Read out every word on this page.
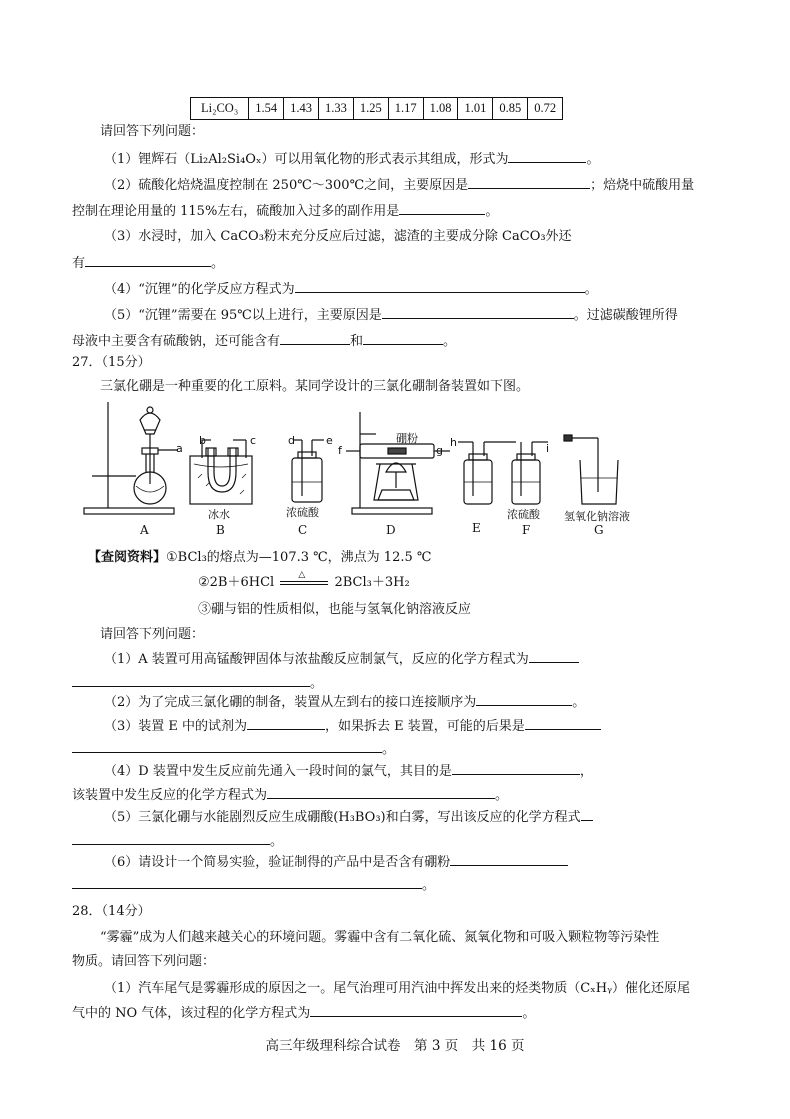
Li₂CO₃	1.54	1.43	1.33	1.25	1.17	1.08	1.01	0.85	0.72
请回答下列问题：
（1）锂辉石（Li₂Al₂Si₄Oₓ）可以用氧化物的形式表示其组成，形式为	。
（2）硫酸化焙烧温度控制在 250℃～300℃之间，主要原因是	；焙烧中硫酸用量
控制在理论用量的 115%左右，硫酸加入过多的副作用是	。
（3）水浸时，加入 CaCO₃粉末充分反应后过滤，滤渣的主要成分除 CaCO₃外还
有	。
（4）“沉锂”的化学反应方程式为	。
（5）“沉锂”需要在 95℃以上进行，主要原因是	。过滤碳酸锂所得
母液中主要含有硫酸钠，还可能含有	和	。
27．（15分）
三氯化硼是一种重要的化工原料。某同学设计的三氯化硼制备装置如下图。
a
b	c	d	e
f	g
h	i
硼粉
冰水	浓硫酸	浓硫酸 氢氧化钠溶液
A	B	C	D	E	F	G
【查阅资料】①BCl₃的熔点为—107.3 ℃，沸点为 12.5 ℃
②2B＋6HCl
△
2BCl₃＋3H₂
③硼与铝的性质相似，也能与氢氧化钠溶液反应
请回答下列问题：
（1）A 装置可用高锰酸钾固体与浓盐酸反应制氯气，反应的化学方程式为
。
（2）为了完成三氯化硼的制备，装置从左到右的接口连接顺序为	。
（3）装置 E 中的试剂为	，如果拆去 E 装置，可能的后果是
。
（4）D 装置中发生反应前先通入一段时间的氯气，其目的是	，
该装置中发生反应的化学方程式为	。
（5）三氯化硼与水能剧烈反应生成硼酸(H₃BO₃)和白雾，写出该反应的化学方程式
。
（6）请设计一个简易实验，验证制得的产品中是否含有硼粉
。
28．（14分）
“雾霾”成为人们越来越关心的环境问题。雾霾中含有二氧化硫、氮氧化物和可吸入颗粒物等污染性
物质。请回答下列问题：
（1）汽车尾气是雾霾形成的原因之一。尾气治理可用汽油中挥发出来的烃类物质（CₓHᵧ）催化还原尾
气中的 NO 气体，该过程的化学方程式为	。
高三年级理科综合试卷　第 3 页　共 16 页
